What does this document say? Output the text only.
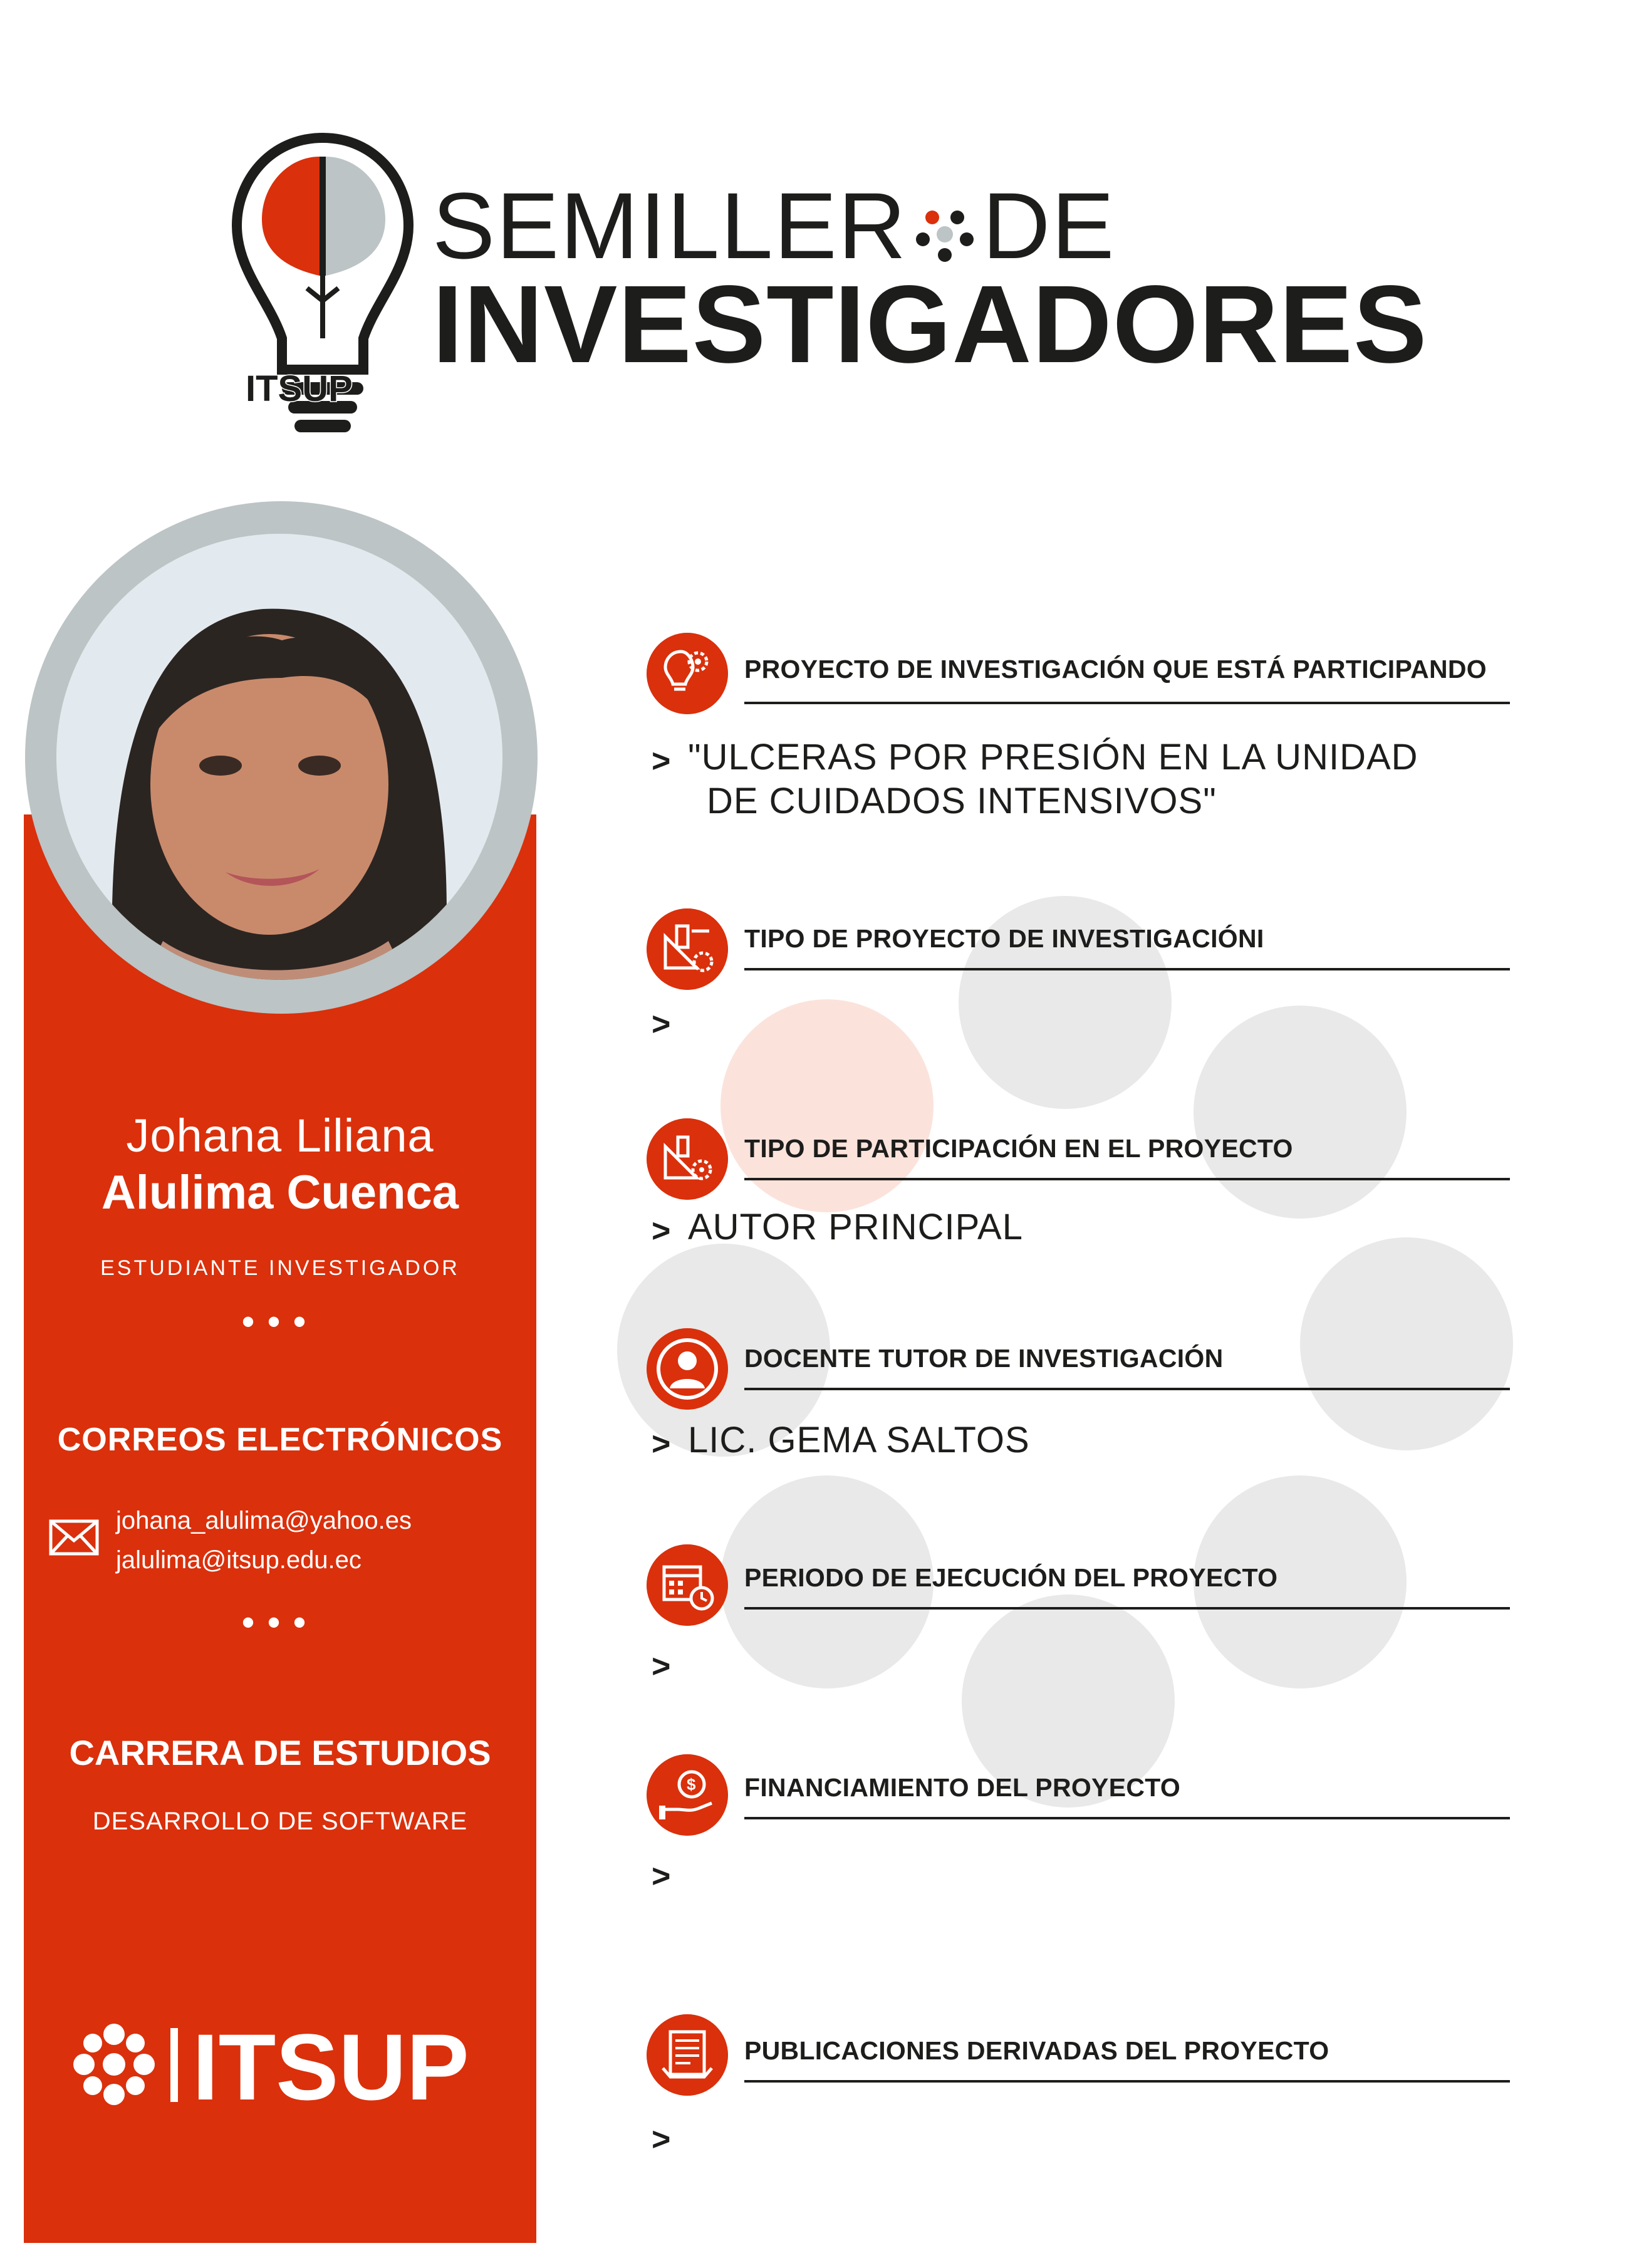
ITSUP
SEMILLER DE
INVESTIGADORES
Johana Liliana
Alulima Cuenca
ESTUDIANTE INVESTIGADOR
•••
CORREOS ELECTRÓNICOS
johana_alulima@yahoo.es
jalulima@itsup.edu.ec
•••
CARRERA DE ESTUDIOS
DESARROLLO DE SOFTWARE
ITSUP
PROYECTO DE INVESTIGACIÓN QUE ESTÁ PARTICIPANDO
> "ULCERAS POR PRESIÓN EN LA UNIDAD
DE CUIDADOS INTENSIVOS"
TIPO DE PROYECTO DE INVESTIGACIÓNI
>
TIPO DE PARTICIPACIÓN EN EL PROYECTO
> AUTOR PRINCIPAL
DOCENTE TUTOR DE INVESTIGACIÓN
> LIC. GEMA SALTOS
PERIODO DE EJECUCIÓN DEL PROYECTO
>
$ FINANCIAMIENTO DEL PROYECTO
>
PUBLICACIONES DERIVADAS DEL PROYECTO
>
